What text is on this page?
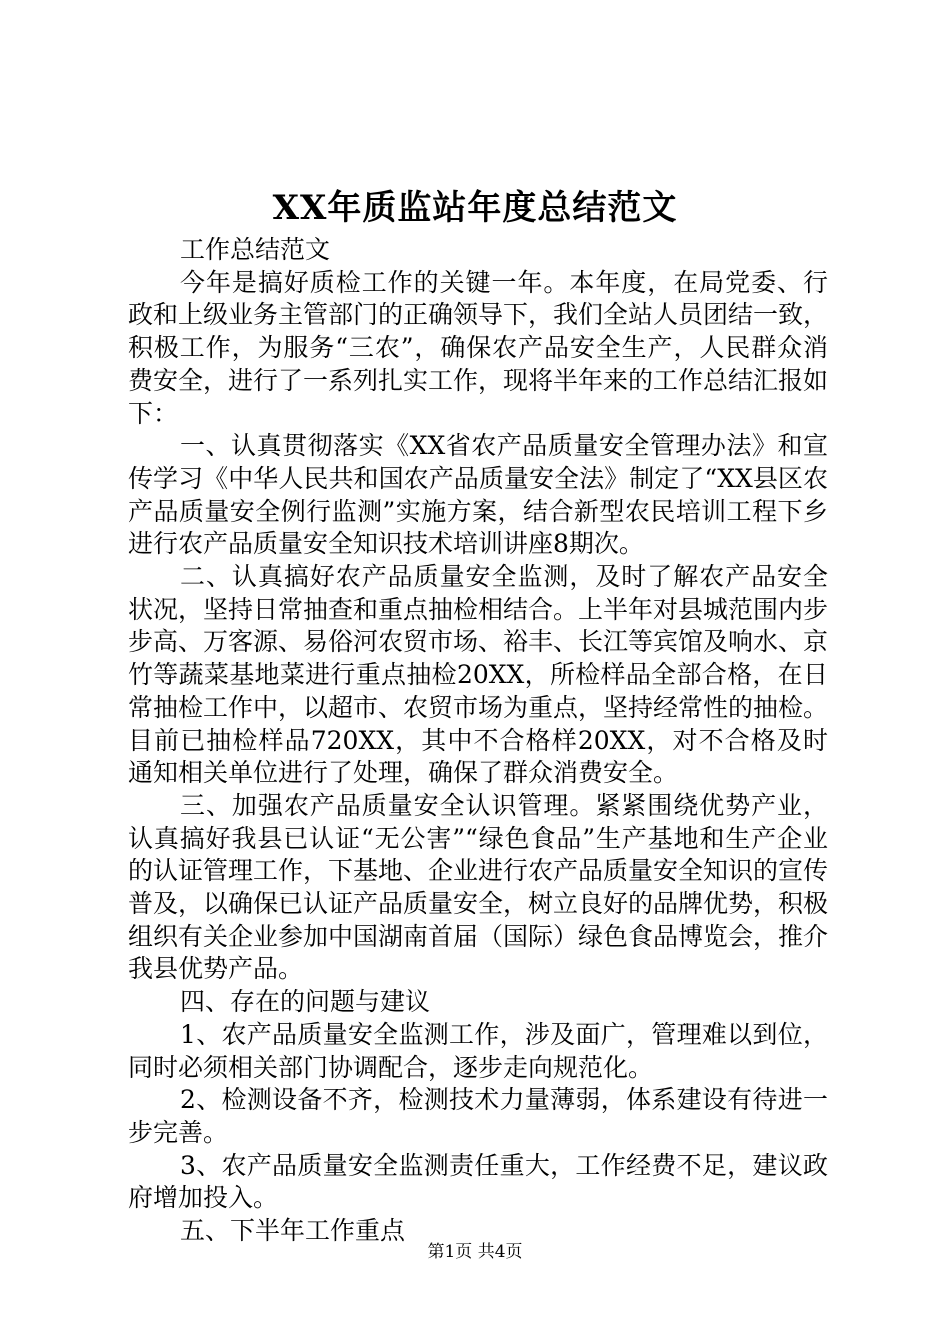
XX年质监站年度总结范文

工作总结范文

今年是搞好质检工作的关键一年。本年度，在局党委、行政和上级业务主管部门的正确领导下，我们全站人员团结一致，积极工作，为服务“三农”，确保农产品安全生产，人民群众消费安全，进行了一系列扎实工作，现将半年来的工作总结汇报如下：

一、认真贯彻落实《XX省农产品质量安全管理办法》和宣传学习《中华人民共和国农产品质量安全法》制定了“XX县区农产品质量安全例行监测”实施方案，结合新型农民培训工程下乡进行农产品质量安全知识技术培训讲座8期次。

二、认真搞好农产品质量安全监测，及时了解农产品安全状况，坚持日常抽查和重点抽检相结合。上半年对县城范围内步步高、万客源、易俗河农贸市场、裕丰、长江等宾馆及响水、京竹等蔬菜基地菜进行重点抽检20XX，所检样品全部合格，在日常抽检工作中，以超市、农贸市场为重点，坚持经常性的抽检。目前已抽检样品720XX，其中不合格样20XX，对不合格及时通知相关单位进行了处理，确保了群众消费安全。

三、加强农产品质量安全认识管理。紧紧围绕优势产业，认真搞好我县已认证“无公害”“绿色食品”生产基地和生产企业的认证管理工作，下基地、企业进行农产品质量安全知识的宣传普及，以确保已认证产品质量安全，树立良好的品牌优势，积极组织有关企业参加中国湖南首届（国际）绿色食品博览会，推介我县优势产品。

四、存在的问题与建议

1、农产品质量安全监测工作，涉及面广，管理难以到位，同时必须相关部门协调配合，逐步走向规范化。

2、检测设备不齐，检测技术力量薄弱，体系建设有待进一步完善。

3、农产品质量安全监测责任重大，工作经费不足，建议政府增加投入。

五、下半年工作重点

第1页 共4页
